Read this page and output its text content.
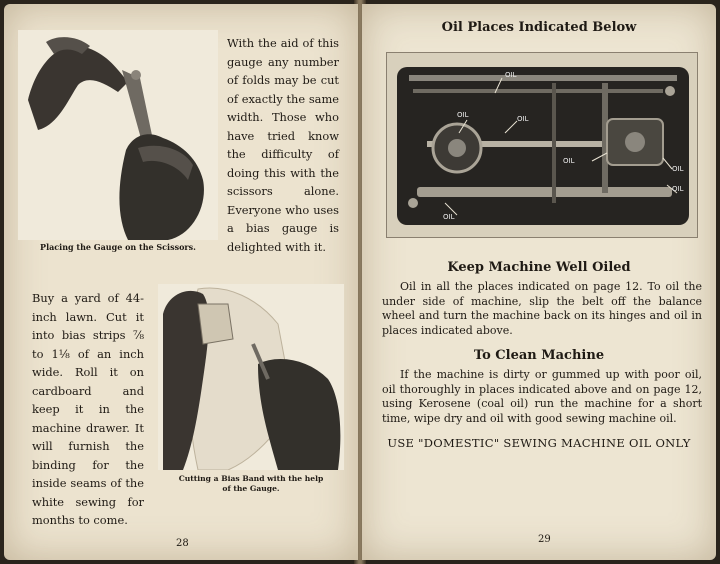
With the aid of this gauge any number of folds may be cut of exactly the same width. Those who have tried know the difficulty of doing this with the scissors alone. Everyone who uses a bias gauge is delighted with it.
Placing the Gauge on the Scissors.
Buy a yard of 44-inch lawn. Cut it into bias strips ⅞ to 1⅛ of an inch wide. Roll it on cardboard and keep it in the machine drawer. It will furnish the binding for the inside seams of the white sewing for months to come.
Cutting a Bias Band with the help of the Gauge.
28
Oil Places Indicated Below
OIL
OIL	OIL
OIL
OIL
OIL
OIL
Keep Machine Well Oiled
Oil in all the places indicated on page 12. To oil the under side of machine, slip the belt off the balance wheel and turn the machine back on its hinges and oil in places indicated above.
To Clean Machine
If the machine is dirty or gummed up with poor oil, oil thoroughly in places indicated above and on page 12, using Kerosene (coal oil) run the machine for a short time, wipe dry and oil with good sewing machine oil.
USE "DOMESTIC" SEWING MACHINE OIL ONLY
29
